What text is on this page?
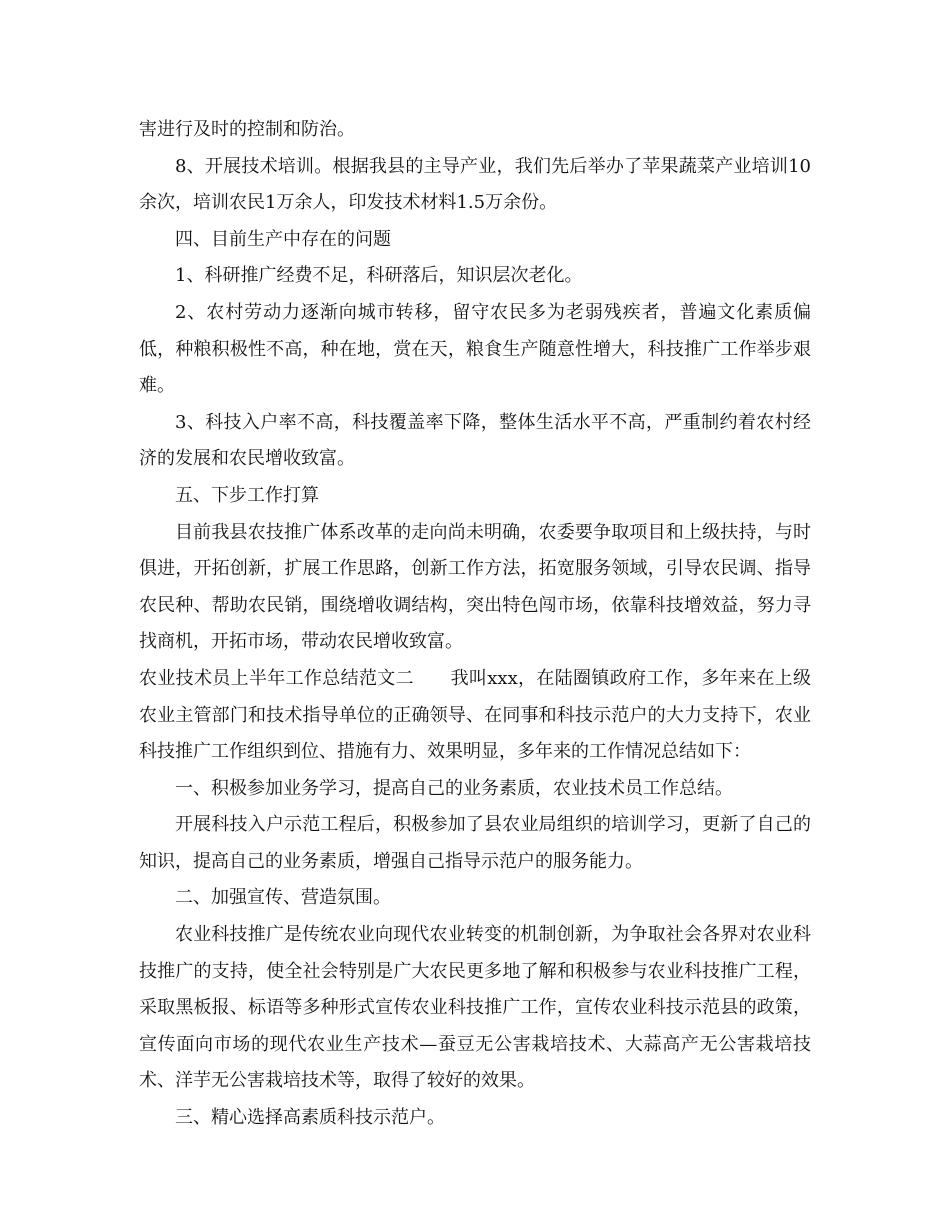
害进行及时的控制和防治。

8、开展技术培训。根据我县的主导产业，我们先后举办了苹果蔬菜产业培训10余次，培训农民1万余人，印发技术材料1.5万余份。

四、目前生产中存在的问题

1、科研推广经费不足，科研落后，知识层次老化。

2、农村劳动力逐渐向城市转移，留守农民多为老弱残疾者，普遍文化素质偏低，种粮积极性不高，种在地，赏在天，粮食生产随意性增大，科技推广工作举步艰难。

3、科技入户率不高，科技覆盖率下降，整体生活水平不高，严重制约着农村经济的发展和农民增收致富。

五、下步工作打算

目前我县农技推广体系改革的走向尚未明确，农委要争取项目和上级扶持，与时俱进，开拓创新，扩展工作思路，创新工作方法，拓宽服务领域，引导农民调、指导农民种、帮助农民销，围绕增收调结构，突出特色闯市场，依靠科技增效益，努力寻找商机，开拓市场，带动农民增收致富。

农业技术员上半年工作总结范文二　　我叫xxx，在陆圈镇政府工作，多年来在上级农业主管部门和技术指导单位的正确领导、在同事和科技示范户的大力支持下，农业科技推广工作组织到位、措施有力、效果明显，多年来的工作情况总结如下：

一、积极参加业务学习，提高自己的业务素质，农业技术员工作总结。

开展科技入户示范工程后，积极参加了县农业局组织的培训学习，更新了自己的知识，提高自己的业务素质，增强自己指导示范户的服务能力。

二、加强宣传、营造氛围。

农业科技推广是传统农业向现代农业转变的机制创新，为争取社会各界对农业科技推广的支持，使全社会特别是广大农民更多地了解和积极参与农业科技推广工程，采取黑板报、标语等多种形式宣传农业科技推广工作，宣传农业科技示范县的政策，宣传面向市场的现代农业生产技术—蚕豆无公害栽培技术、大蒜高产无公害栽培技术、洋芋无公害栽培技术等，取得了较好的效果。

三、精心选择高素质科技示范户。
